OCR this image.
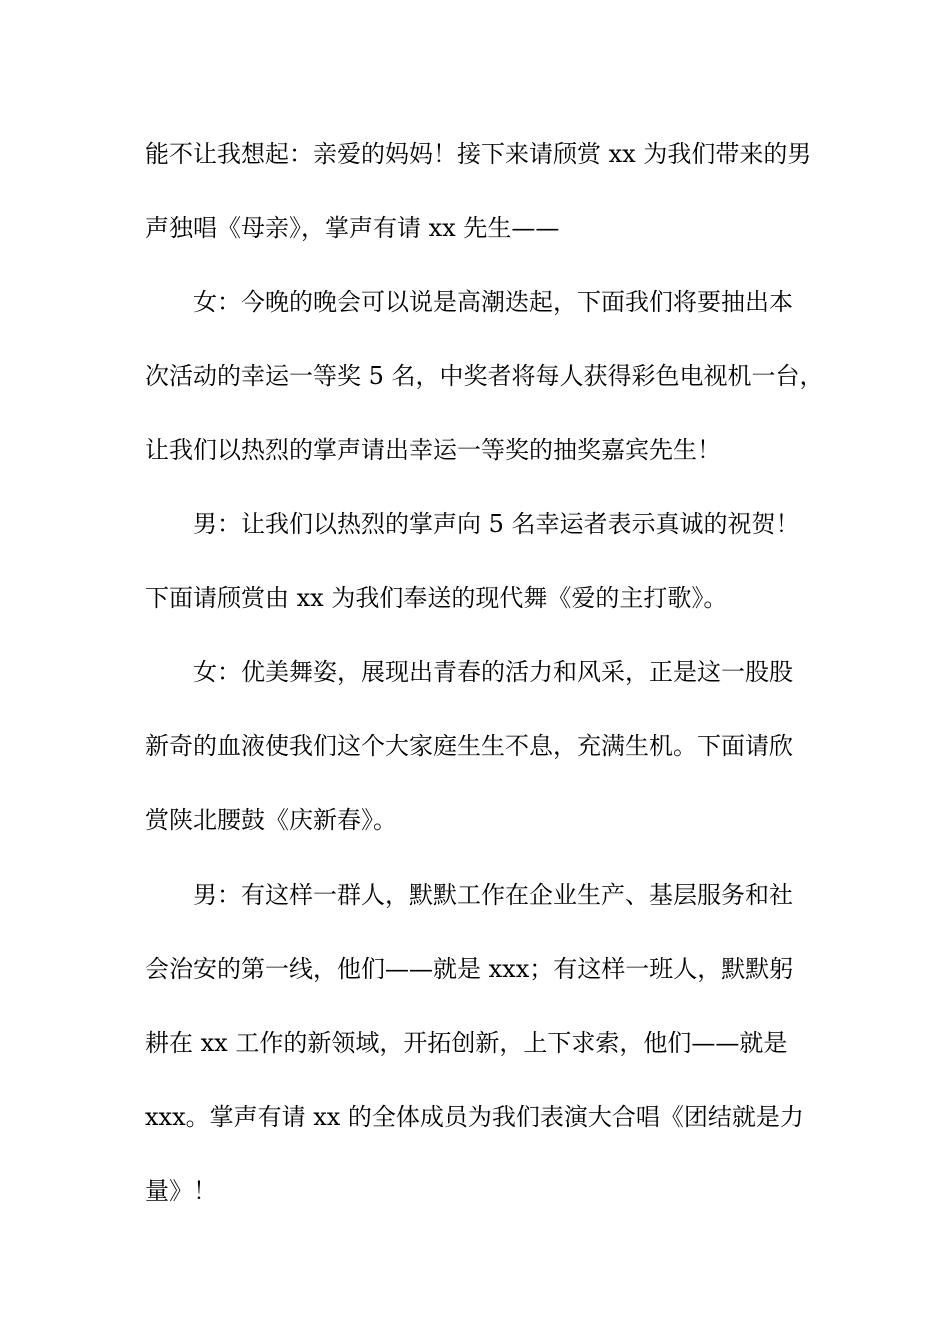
能不让我想起：亲爱的妈妈！接下来请颀赏 xx 为我们带来的男
声独唱《母亲》，掌声有请 xx 先生——
女：今晚的晚会可以说是高潮迭起，下面我们将要抽出本
次活动的幸运一等奖 5 名，中奖者将每人获得彩色电视机一台，
让我们以热烈的掌声请出幸运一等奖的抽奖嘉宾先生！
男：让我们以热烈的掌声向 5 名幸运者表示真诚的祝贺！
下面请颀赏由 xx 为我们奉送的现代舞《爱的主打歌》。
女：优美舞姿，展现出青春的活力和风采，正是这一股股
新奇的血液使我们这个大家庭生生不息，充满生机。下面请欣
赏陕北腰鼓《庆新春》。
男：有这样一群人，默默工作在企业生产、基层服务和社
会治安的第一线，他们——就是 xxx；有这样一班人，默默躬
耕在 xx 工作的新领域，开拓创新，上下求索，他们——就是
xxx。掌声有请 xx 的全体成员为我们表演大合唱《团结就是力
量》！
